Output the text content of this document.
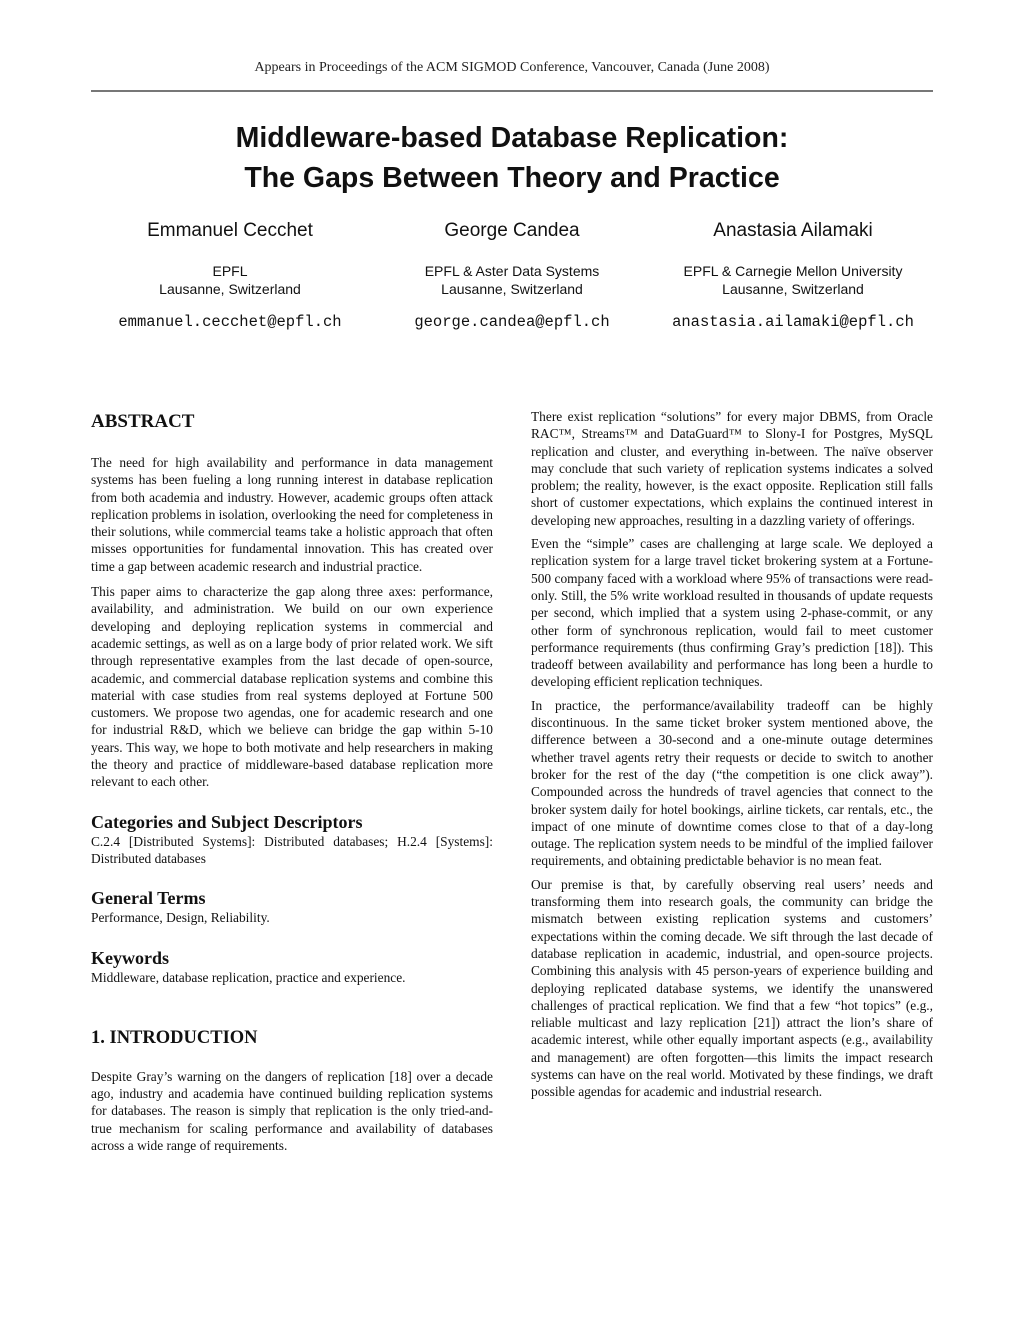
Appears in Proceedings of the ACM SIGMOD Conference, Vancouver, Canada (June 2008)
Middleware-based Database Replication:
The Gaps Between Theory and Practice
Emmanuel Cecchet
EPFL
Lausanne, Switzerland
emmanuel.cecchet@epfl.ch
George Candea
EPFL & Aster Data Systems
Lausanne, Switzerland
george.candea@epfl.ch
Anastasia Ailamaki
EPFL & Carnegie Mellon University
Lausanne, Switzerland
anastasia.ailamaki@epfl.ch
ABSTRACT

The need for high availability and performance in data management systems has been fueling a long running interest in database replication from both academia and industry. However, academic groups often attack replication problems in isolation, overlooking the need for completeness in their solutions, while commercial teams take a holistic approach that often misses opportunities for fundamental innovation. This has created over time a gap between academic research and industrial practice.

This paper aims to characterize the gap along three axes: performance, availability, and administration. We build on our own experience developing and deploying replication systems in commercial and academic settings, as well as on a large body of prior related work. We sift through representative examples from the last decade of open-source, academic, and commercial database replication systems and combine this material with case studies from real systems deployed at Fortune 500 customers. We propose two agendas, one for academic research and one for industrial R&D, which we believe can bridge the gap within 5-10 years. This way, we hope to both motivate and help researchers in making the theory and practice of middleware-based database replication more relevant to each other.

Categories and Subject Descriptors

C.2.4 [Distributed Systems]: Distributed databases; H.2.4 [Systems]: Distributed databases

General Terms

Performance, Design, Reliability.

Keywords

Middleware, database replication, practice and experience.

1. INTRODUCTION

Despite Gray’s warning on the dangers of replication [18] over a decade ago, industry and academia have continued building replication systems for databases. The reason is simply that replication is the only tried-and-true mechanism for scaling performance and availability of databases across a wide range of requirements.

There exist replication “solutions” for every major DBMS, from Oracle RAC™, Streams™ and DataGuard™ to Slony-I for Postgres, MySQL replication and cluster, and everything in-between. The naïve observer may conclude that such variety of replication systems indicates a solved problem; the reality, however, is the exact opposite. Replication still falls short of customer expectations, which explains the continued interest in developing new approaches, resulting in a dazzling variety of offerings.

Even the “simple” cases are challenging at large scale. We deployed a replication system for a large travel ticket brokering system at a Fortune-500 company faced with a workload where 95% of transactions were read-only. Still, the 5% write workload resulted in thousands of update requests per second, which implied that a system using 2-phase-commit, or any other form of synchronous replication, would fail to meet customer performance requirements (thus confirming Gray’s prediction [18]). This tradeoff between availability and performance has long been a hurdle to developing efficient replication techniques.

In practice, the performance/availability tradeoff can be highly discontinuous. In the same ticket broker system mentioned above, the difference between a 30-second and a one-minute outage determines whether travel agents retry their requests or decide to switch to another broker for the rest of the day (“the competition is one click away”). Compounded across the hundreds of travel agencies that connect to the broker system daily for hotel bookings, airline tickets, car rentals, etc., the impact of one minute of downtime comes close to that of a day-long outage. The replication system needs to be mindful of the implied failover requirements, and obtaining predictable behavior is no mean feat.

Our premise is that, by carefully observing real users’ needs and transforming them into research goals, the community can bridge the mismatch between existing replication systems and customers’ expectations within the coming decade. We sift through the last decade of database replication in academic, industrial, and open-source projects. Combining this analysis with 45 person-years of experience building and deploying replicated database systems, we identify the unanswered challenges of practical replication. We find that a few “hot topics” (e.g., reliable multicast and lazy replication [21]) attract the lion’s share of academic interest, while other equally important aspects (e.g., availability and management) are often forgotten—this limits the impact research systems can have on the real world. Motivated by these findings, we draft possible agendas for academic and industrial research.
